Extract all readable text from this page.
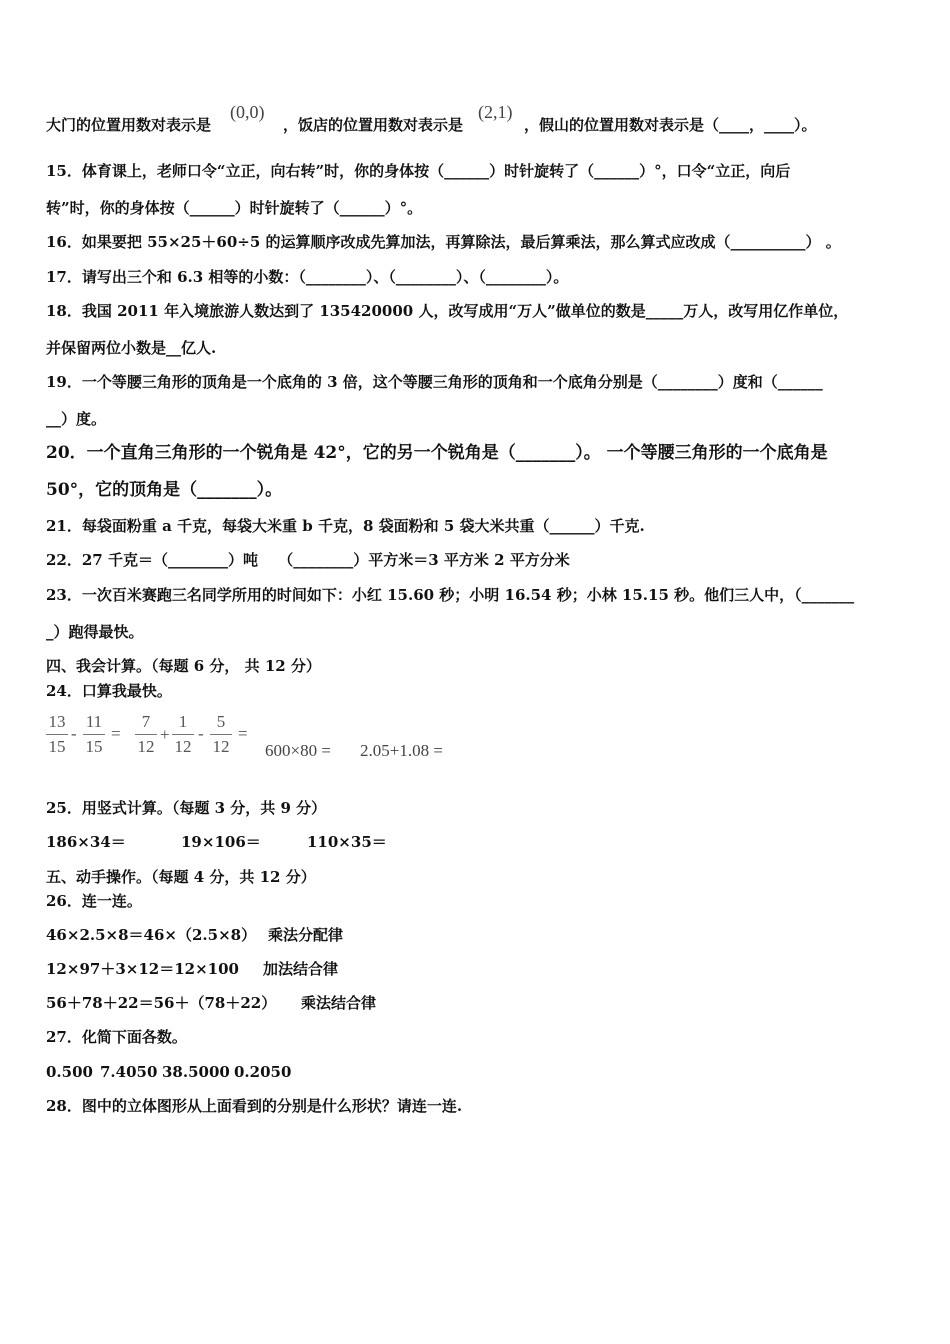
大门的位置用数对表示是
(0,0)
，饭店的位置用数对表示是
(2,1)
，假山的位置用数对表示是（____，____）。
15．体育课上，老师口令“立正，向右转”时，你的身体按（______）时针旋转了（______）°，口令“立正，向后
转”时，你的身体按（______）时针旋转了（______）°。
16．如果要把 55×25＋60÷5 的运算顺序改成先算加法，再算除法，最后算乘法，那么算式应改成（__________） 。
17．请写出三个和 6.3 相等的小数：（________）、（________）、（________）。
18．我国 2011 年入境旅游人数达到了 135420000 人，改写成用“万人”做单位的数是_____万人，改写用亿作单位，
并保留两位小数是__亿人.
19．一个等腰三角形的顶角是一个底角的 3 倍，这个等腰三角形的顶角和一个底角分别是（________）度和（______
__）度。
20．一个直角三角形的一个锐角是 42°，它的另一个锐角是（_______）。 一个等腰三角形的一个底角是
50°，它的顶角是（_______）。
21．每袋面粉重 a 千克，每袋大米重 b 千克，8 袋面粉和 5 袋大米共重（______）千克.
22．27 千克＝（________）吨　 （________）平方米＝3 平方米 2 平方分米
23．一次百米赛跑三名同学所用的时间如下：小红 15.60 秒；小明 16.54 秒；小林 15.15 秒。他们三人中，（_______
_）跑得最快。
四、我会计算。（每题 6 分， 共 12 分）
24．口算我最快。
13
15
-
11
15
=
7
12
+
1
12
-
5
12
=
600×80 = 2.05+1.08 =
25．用竖式计算。（每题 3 分，共 9 分）
186×34＝	19×106＝	110×35＝
五、动手操作。（每题 4 分，共 12 分）
26．连一连。
46×2.5×8＝46×（2.5×8） 乘法分配律
12×97＋3×12＝12×100 加法结合律
56＋78＋22＝56＋（78＋22） 乘法结合律
27．化简下面各数。
0.500 7.4050 38.5000 0.2050
28．图中的立体图形从上面看到的分别是什么形状？请连一连.
